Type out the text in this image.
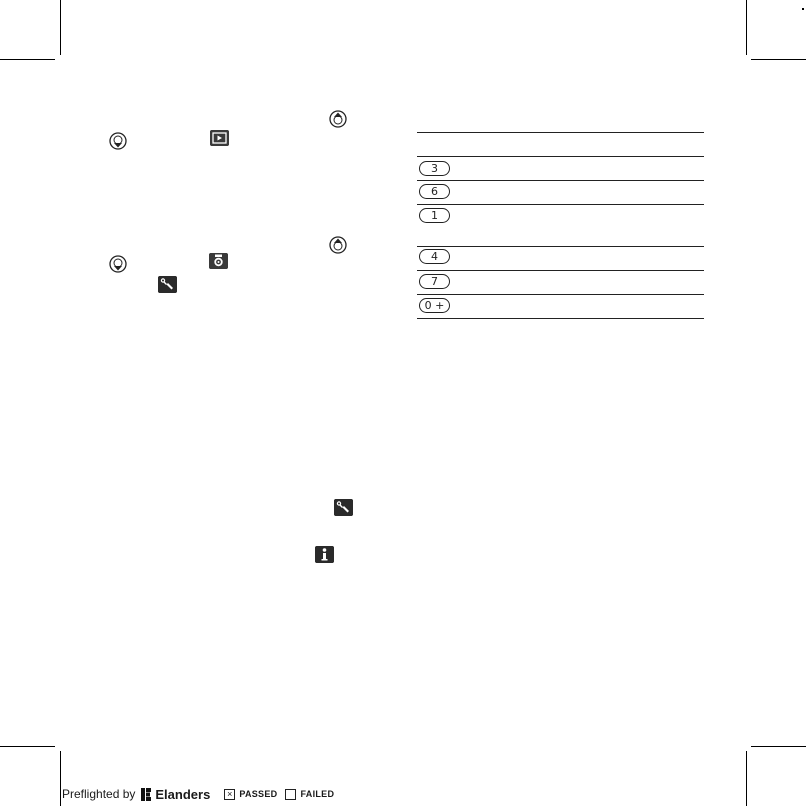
3
6
1
4
7
0 +
Preflighted by Elanders	× PASSED	FAILED
